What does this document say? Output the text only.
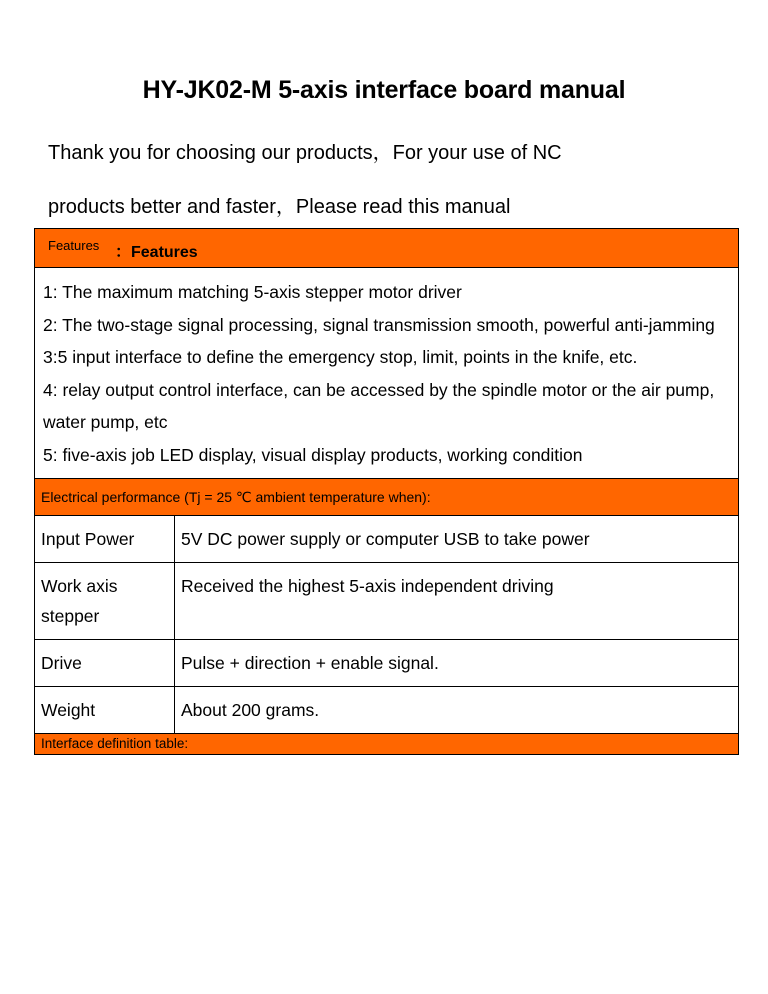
HY-JK02-M 5-axis interface board manual
Thank you for choosing our products，For your use of NC
products better and faster，Please read this manual
Features ：Features

1: The maximum matching 5-axis stepper motor driver

2: The two-stage signal processing, signal transmission smooth, powerful anti-jamming

3:5 input interface to define the emergency stop, limit, points in the knife, etc.

4: relay output control interface, can be accessed by the spindle motor or the air pump, water pump, etc

5: five-axis job LED display, visual display products, working condition

Electrical performance (Tj = 25 ℃ ambient temperature when):
Input Power	5V DC power supply or computer USB to take power
Work axis stepper	Received the highest 5-axis independent driving
Drive	Pulse + direction + enable signal.
Weight	About 200 grams.
Interface definition table:
